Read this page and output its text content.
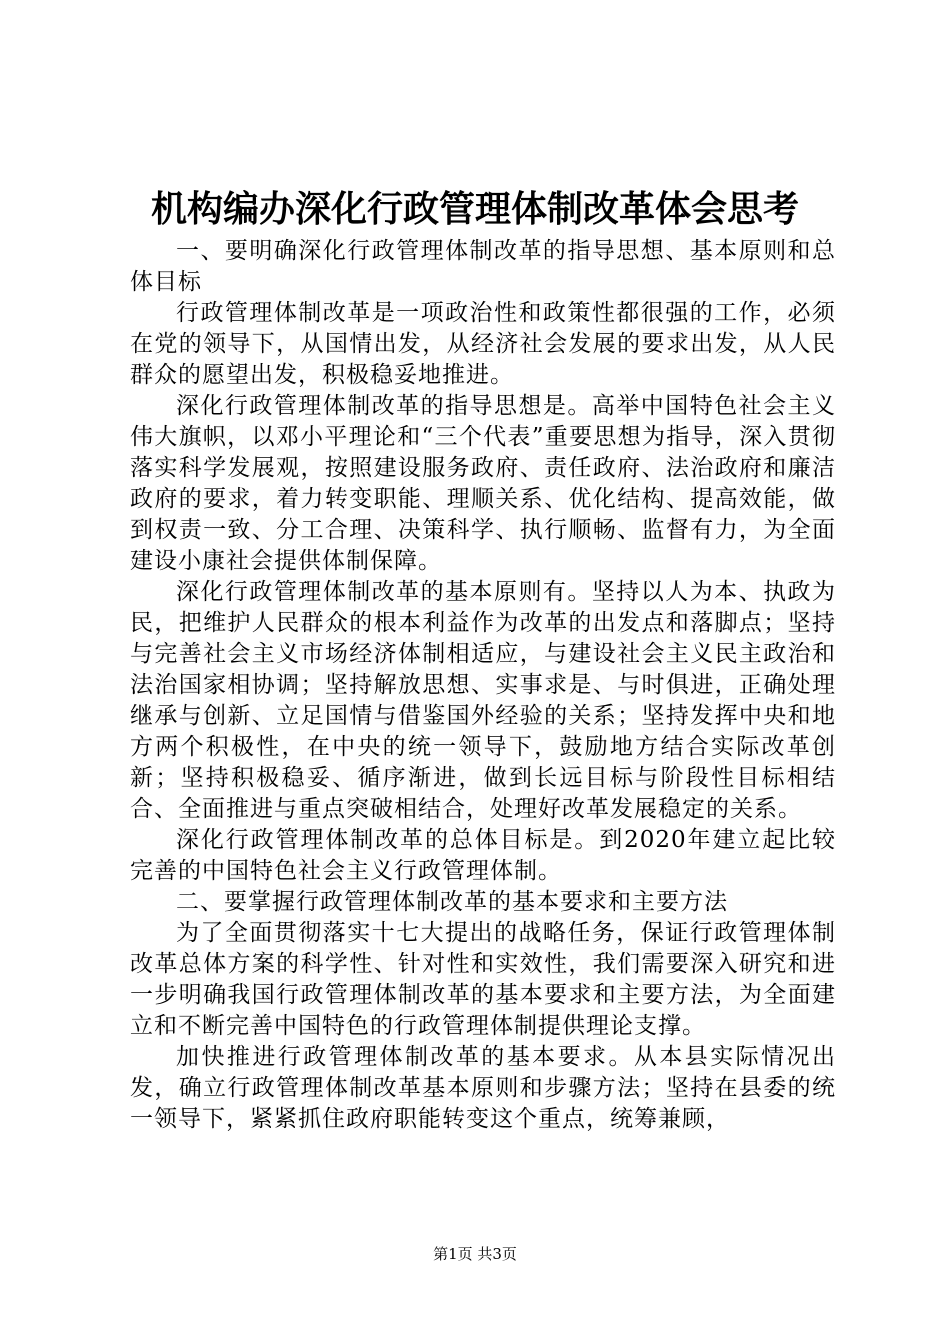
机构编办深化行政管理体制改革体会思考

一、要明确深化行政管理体制改革的指导思想、基本原则和总体目标

行政管理体制改革是一项政治性和政策性都很强的工作，必须在党的领导下，从国情出发，从经济社会发展的要求出发，从人民群众的愿望出发，积极稳妥地推进。

深化行政管理体制改革的指导思想是。高举中国特色社会主义伟大旗帜，以邓小平理论和“三个代表”重要思想为指导，深入贯彻落实科学发展观，按照建设服务政府、责任政府、法治政府和廉洁政府的要求，着力转变职能、理顺关系、优化结构、提高效能，做到权责一致、分工合理、决策科学、执行顺畅、监督有力，为全面建设小康社会提供体制保障。

深化行政管理体制改革的基本原则有。坚持以人为本、执政为民，把维护人民群众的根本利益作为改革的出发点和落脚点；坚持与完善社会主义市场经济体制相适应，与建设社会主义民主政治和法治国家相协调；坚持解放思想、实事求是、与时俱进，正确处理继承与创新、立足国情与借鉴国外经验的关系；坚持发挥中央和地方两个积极性，在中央的统一领导下，鼓励地方结合实际改革创新；坚持积极稳妥、循序渐进，做到长远目标与阶段性目标相结合、全面推进与重点突破相结合，处理好改革发展稳定的关系。

深化行政管理体制改革的总体目标是。到2020年建立起比较完善的中国特色社会主义行政管理体制。

二、要掌握行政管理体制改革的基本要求和主要方法

为了全面贯彻落实十七大提出的战略任务，保证行政管理体制改革总体方案的科学性、针对性和实效性，我们需要深入研究和进一步明确我国行政管理体制改革的基本要求和主要方法，为全面建立和不断完善中国特色的行政管理体制提供理论支撑。

加快推进行政管理体制改革的基本要求。从本县实际情况出发，确立行政管理体制改革基本原则和步骤方法；坚持在县委的统一领导下，紧紧抓住政府职能转变这个重点，统筹兼顾，

第1页 共3页
